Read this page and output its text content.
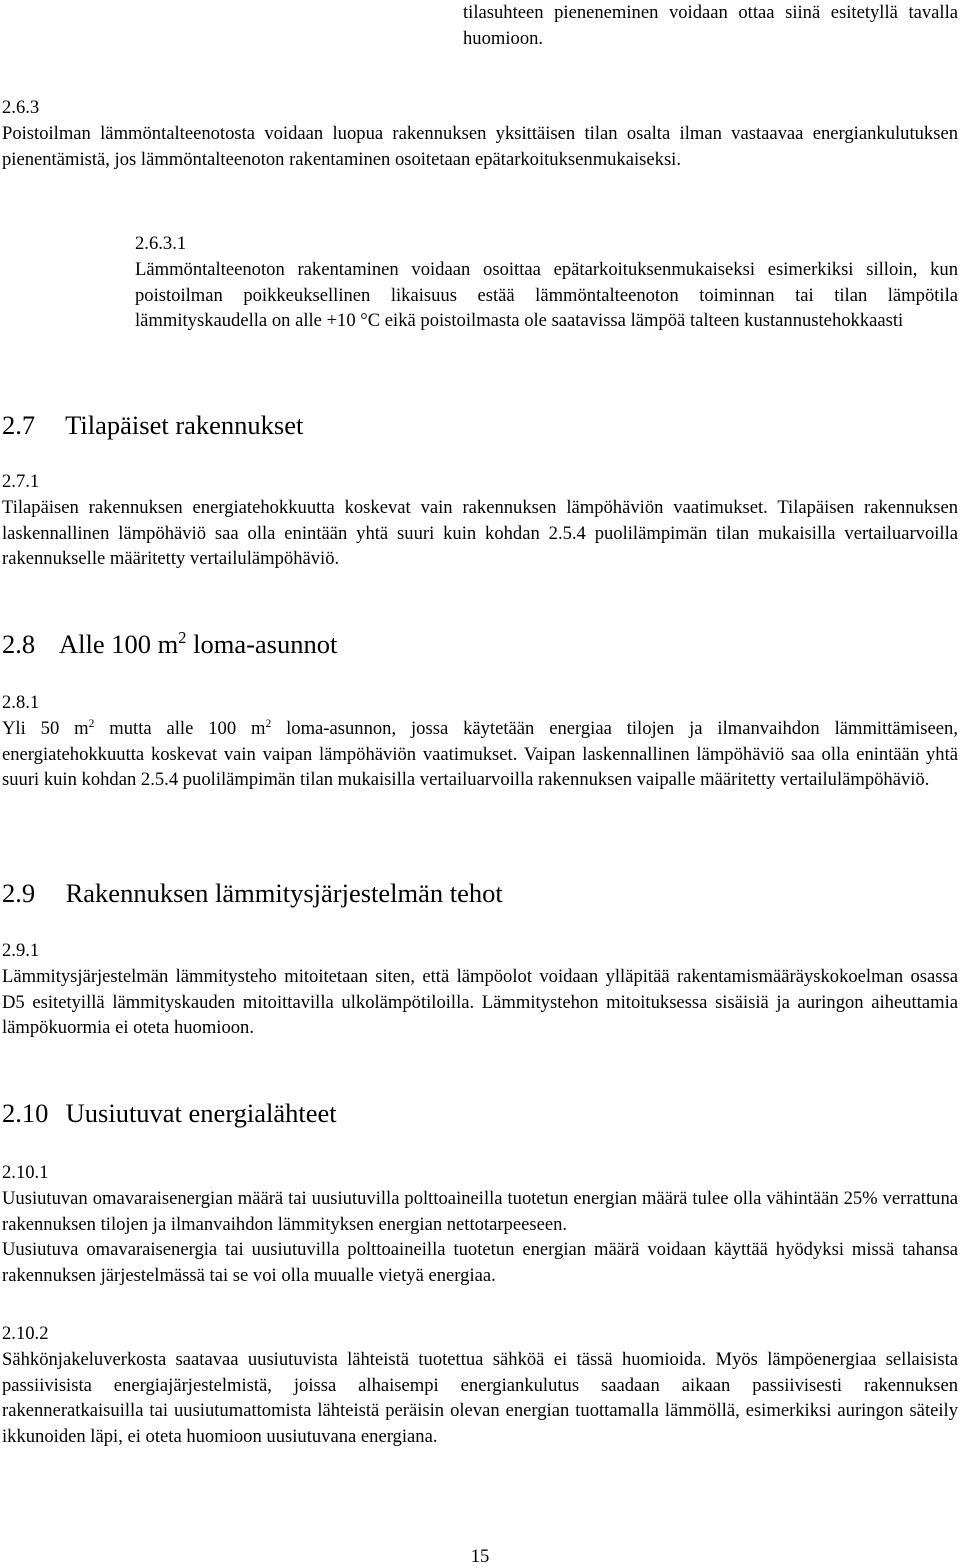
tilasuhteen pieneneminen voidaan ottaa siinä esitetyllä tavalla huomioon.

2.6.3

Poistoilman lämmöntalteenotosta voidaan luopua rakennuksen yksittäisen tilan osalta ilman vastaavaa energiankulutuksen pienentämistä, jos lämmöntalteenoton rakentaminen osoitetaan epätarkoituksenmukaiseksi.

2.6.3.1

Lämmöntalteenoton rakentaminen voidaan osoittaa epätarkoituksenmukaiseksi esimerkiksi silloin, kun poistoilman poikkeuksellinen likaisuus estää lämmöntalteenoton toiminnan tai tilan lämpötila lämmityskaudella on alle +10 °C eikä poistoilmasta ole saatavissa lämpöä talteen kustannustehokkaasti

2.7 Tilapäiset rakennukset
2.7.1

Tilapäisen rakennuksen energiatehokkuutta koskevat vain rakennuksen lämpöhäviön vaatimukset. Tilapäisen rakennuksen laskennallinen lämpöhäviö saa olla enintään yhtä suuri kuin kohdan 2.5.4 puolilämpimän tilan mukaisilla vertailuarvoilla rakennukselle määritetty vertailulämpöhäviö.

2.8 Alle 100 $m^2$ loma-asunnot
2.8.1

Yli 50 $m^2$ mutta alle 100 $m^2$ loma-asunnon, jossa käytetään energiaa tilojen ja ilmanvaihdon lämmittämiseen, energiatehokkuutta koskevat vain vaipan lämpöhäviön vaatimukset. Vaipan laskennallinen lämpöhäviö saa olla enintään yhtä suuri kuin kohdan 2.5.4 puolilämpimän tilan mukaisilla vertailuarvoilla rakennuksen vaipalle määritetty vertailulämpöhäviö.

2.9 Rakennuksen lämmitysjärjestelmän tehot
2.9.1

Lämmitysjärjestelmän lämmitysteho mitoitetaan siten, että lämpöolot voidaan ylläpitää rakentamismääräyskokoelman osassa D5 esitetyillä lämmityskauden mitoittavilla ulkolämpötiloilla. Lämmitystehon mitoituksessa sisäisiä ja auringon aiheuttamia lämpökuormia ei oteta huomioon.

2.10 Uusiutuvat energialähteet
2.10.1

Uusiutuvan omavaraisenergian määrä tai uusiutuvilla polttoaineilla tuotetun energian määrä tulee olla vähintään 25% verrattuna rakennuksen tilojen ja ilmanvaihdon lämmityksen energian nettotarpeeseen.

Uusiutuva omavaraisenergia tai uusiutuvilla polttoaineilla tuotetun energian määrä voidaan käyttää hyödyksi missä tahansa rakennuksen järjestelmässä tai se voi olla muualle vietyä energiaa.

2.10.2

Sähkönjakeluverkosta saatavaa uusiutuvista lähteistä tuotettua sähköä ei tässä huomioida. Myös lämpöenergiaa sellaisista passiivisista energiajärjestelmistä, joissa alhaisempi energiankulutus saadaan aikaan passiivisesti rakennuksen rakenneratkaisuilla tai uusiutumattomista lähteistä peräisin olevan energian tuottamalla lämmöllä, esimerkiksi auringon säteily ikkunoiden läpi, ei oteta huomioon uusiutuvana energiana.

15
